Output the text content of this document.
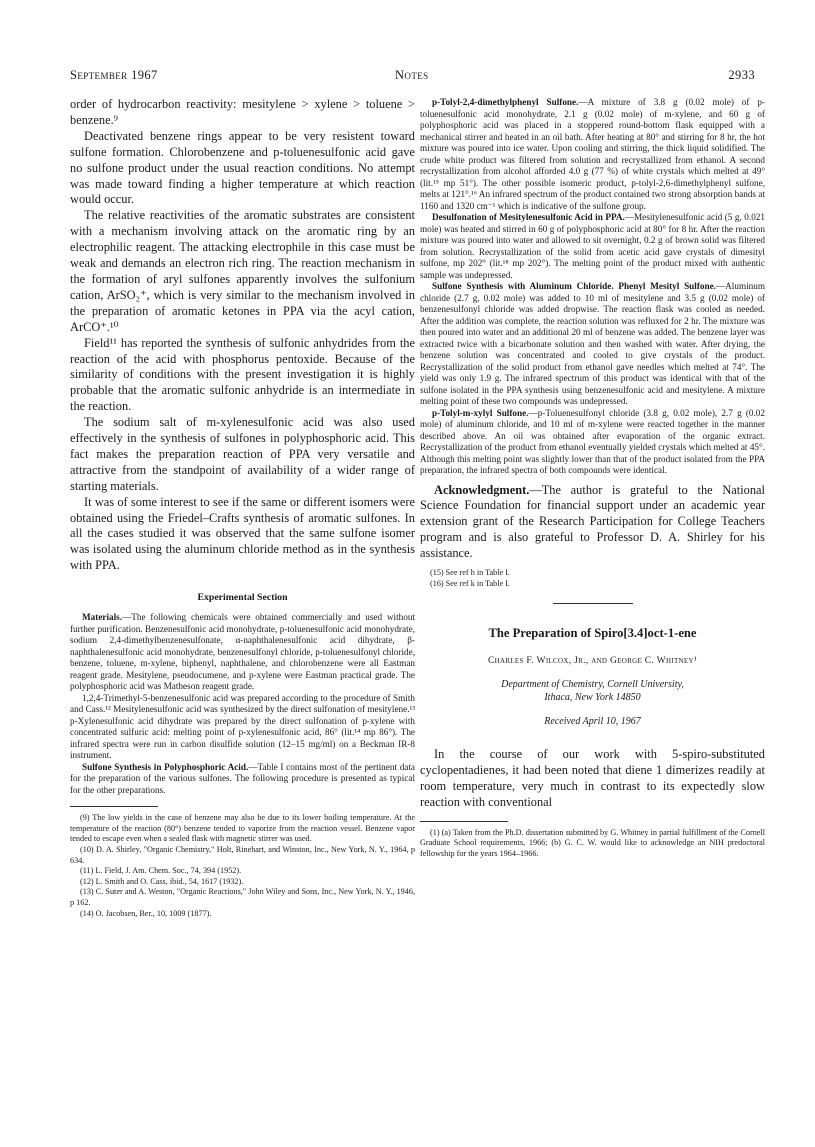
September 1967	Notes	2933

order of hydrocarbon reactivity: mesitylene > xylene > toluene > benzene.⁹

Deactivated benzene rings appear to be very resistent toward sulfone formation. Chlorobenzene and p-toluenesulfonic acid gave no sulfone product under the usual reaction conditions. No attempt was made toward finding a higher temperature at which reaction would occur.

The relative reactivities of the aromatic substrates are consistent with a mechanism involving attack on the aromatic ring by an electrophilic reagent. The attacking electrophile in this case must be weak and demands an electron rich ring. The reaction mechanism in the formation of aryl sulfones apparently involves the sulfonium cation, ArSO₂⁺, which is very similar to the mechanism involved in the preparation of aromatic ketones in PPA via the acyl cation, ArCO⁺.¹⁰

Field¹¹ has reported the synthesis of sulfonic anhydrides from the reaction of the acid with phosphorus pentoxide. Because of the similarity of conditions with the present investigation it is highly probable that the aromatic sulfonic anhydride is an intermediate in the reaction.

The sodium salt of m-xylenesulfonic acid was also used effectively in the synthesis of sulfones in polyphosphoric acid. This fact makes the preparation reaction of PPA very versatile and attractive from the standpoint of availability of a wider range of starting materials.

It was of some interest to see if the same or different isomers were obtained using the Friedel–Crafts synthesis of aromatic sulfones. In all the cases studied it was observed that the same sulfone isomer was isolated using the aluminum chloride method as in the synthesis with PPA.

Experimental Section

Materials.—The following chemicals were obtained commercially and used without further purification. Benzenesulfonic acid monohydrate, p-toluenesulfonic acid monohydrate, sodium 2,4-dimethylbenzenesulfonate, α-naphthalenesulfonic acid dihydrate, β-naphthalenesulfonic acid monohydrate, benzenesulfonyl chloride, p-toluenesulfonyl chloride, benzene, toluene, m-xylene, biphenyl, naphthalene, and chlorobenzene were all Eastman reagent grade. Mesitylene, pseudocumene, and p-xylene were Eastman practical grade. The polyphosphoric acid was Matheson reagent grade.

1,2,4-Trimethyl-5-benzenesulfonic acid was prepared according to the procedure of Smith and Cass.¹² Mesitylenesulfonic acid was synthesized by the direct sulfonation of mesitylene.¹³ p-Xylenesulfonic acid dihydrate was prepared by the direct sulfonation of p-xylene with concentrated sulfuric acid: melting point of p-xylenesulfonic acid, 86° (lit.¹⁴ mp 86°). The infrared spectra were run in carbon disulfide solution (12–15 mg/ml) on a Beckman IR-8 instrument.

Sulfone Synthesis in Polyphosphoric Acid.—Table I contains most of the pertinent data for the preparation of the various sulfones. The following procedure is presented as typical for the other preparations.

(9) The low yields in the case of benzene may also be due to its lower boiling temperature. At the temperature of the reaction (80°) benzene tended to vaporize from the reaction vessel. Benzene vapor tended to escape even when a sealed flask with magnetic stirrer was used.

(10) D. A. Shirley, "Organic Chemistry," Holt, Rinehart, and Winston, Inc., New York, N. Y., 1964, p 634.

(11) L. Field, J. Am. Chem. Soc., 74, 394 (1952).

(12) L. Smith and O. Cass, ibid., 54, 1617 (1932).

(13) C. Suter and A. Weston, "Organic Reactions," John Wiley and Sons, Inc., New York, N. Y., 1946, p 162.

(14) O. Jacobsen, Ber., 10, 1009 (1877).

p-Tolyl-2,4-dimethylphenyl Sulfone.—A mixture of 3.8 g (0.02 mole) of p-toluenesulfonic acid monohydrate, 2.1 g (0.02 mole) of m-xylene, and 60 g of polyphosphoric acid was placed in a stoppered round-bottom flask equipped with a mechanical stirrer and heated in an oil bath. After heating at 80° and stirring for 8 hr, the hot mixture was poured into ice water. Upon cooling and stirring, the thick liquid solidified. The crude white product was filtered from solution and recrystallized from ethanol. A second recrystallization from alcohol afforded 4.0 g (77 %) of white crystals which melted at 49° (lit.¹⁵ mp 51°). The other possible isomeric product, p-tolyl-2,6-dimethylphenyl sulfone, melts at 121°.¹⁶ An infrared spectrum of the product contained two strong absorption bands at 1160 and 1320 cm⁻¹ which is indicative of the sulfone group.

Desulfonation of Mesitylenesulfonic Acid in PPA.—Mesitylenesulfonic acid (5 g, 0.021 mole) was heated and stirred in 60 g of polyphosphoric acid at 80° for 8 hr. After the reaction mixture was poured into water and allowed to sit overnight, 0.2 g of brown solid was filtered from solution. Recrystallization of the solid from acetic acid gave crystals of dimesityl sulfone, mp 202° (lit.¹⁸ mp 202°). The melting point of the product mixed with authentic sample was undepressed.

Sulfone Synthesis with Aluminum Chloride. Phenyl Mesityl Sulfone.—Aluminum chloride (2.7 g, 0.02 mole) was added to 10 ml of mesitylene and 3.5 g (0.02 mole) of benzenesulfonyl chloride was added dropwise. The reaction flask was cooled as needed. After the addition was complete, the reaction solution was refluxed for 2 hr. The mixture was then poured into water and an additional 20 ml of benzene was added. The benzene layer was extracted twice with a bicarbonate solution and then washed with water. After drying, the benzene solution was concentrated and cooled to give crystals of the product. Recrystallization of the solid product from ethanol gave needles which melted at 74°. The yield was only 1.9 g. The infrared spectrum of this product was identical with that of the sulfone isolated in the PPA synthesis using benzenesulfonic acid and mesitylene. A mixture melting point of these two compounds was undepressed.

p-Tolyl-m-xylyl Sulfone.—p-Toluenesulfonyl chloride (3.8 g, 0.02 mole), 2.7 g (0.02 mole) of aluminum chloride, and 10 ml of m-xylene were reacted together in the manner described above. An oil was obtained after evaporation of the organic extract. Recrystallization of the product from ethanol eventually yielded crystals which melted at 45°. Although this melting point was slightly lower than that of the product isolated from the PPA preparation, the infrared spectra of both compounds were identical.

Acknowledgment.—The author is grateful to the National Science Foundation for financial support under an academic year extension grant of the Research Participation for College Teachers program and is also grateful to Professor D. A. Shirley for his assistance.

(15) See ref h in Table I.

(16) See ref k in Table I.

The Preparation of Spiro[3.4]oct-1-ene
Charles F. Wilcox, Jr., and George C. Whitney¹
Department of Chemistry, Cornell University,
Ithaca, New York 14850
Received April 10, 1967

In the course of our work with 5-spiro-substituted cyclopentadienes, it had been noted that diene 1 dimerizes readily at room temperature, very much in contrast to its expectedly slow reaction with conventional

(1) (a) Taken from the Ph.D. dissertation submitted by G. Whitney in partial fulfillment of the Cornell Graduate School requirements, 1966; (b) G. C. W. would like to acknowledge an NIH predoctoral fellowship for the years 1964–1966.
